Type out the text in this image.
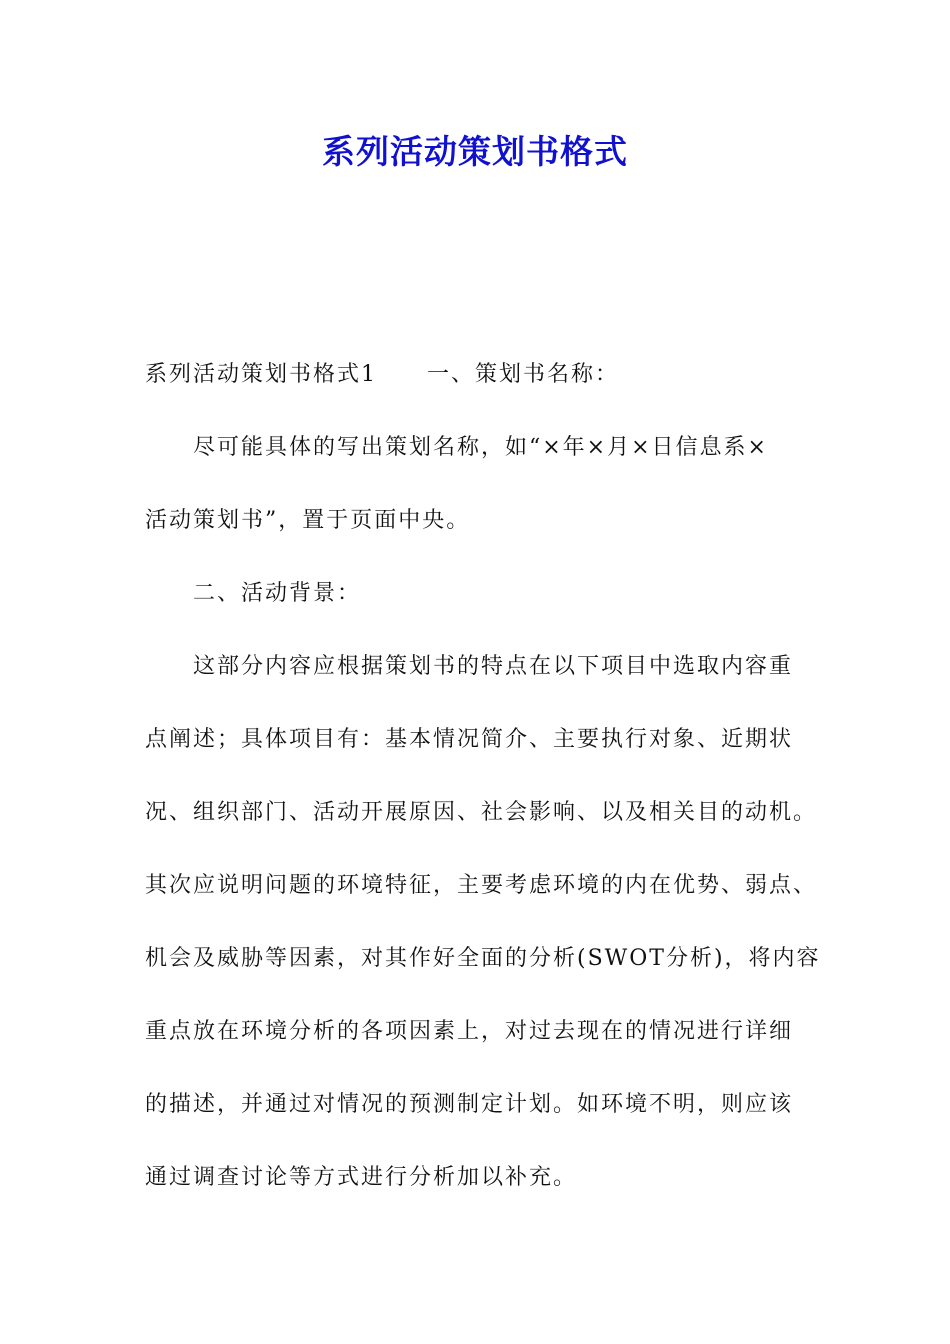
系列活动策划书格式
系列活动策划书格式1 一、策划书名称：
尽可能具体的写出策划名称，如“×年×月×日信息系×
活动策划书”，置于页面中央。
二、活动背景：
这部分内容应根据策划书的特点在以下项目中选取内容重
点阐述；具体项目有：基本情况简介、主要执行对象、近期状
况、组织部门、活动开展原因、社会影响、以及相关目的动机。
其次应说明问题的环境特征，主要考虑环境的内在优势、弱点、
机会及威胁等因素，对其作好全面的分析(SWOT分析)，将内容
重点放在环境分析的各项因素上，对过去现在的情况进行详细
的描述，并通过对情况的预测制定计划。如环境不明，则应该
通过调查讨论等方式进行分析加以补充。
